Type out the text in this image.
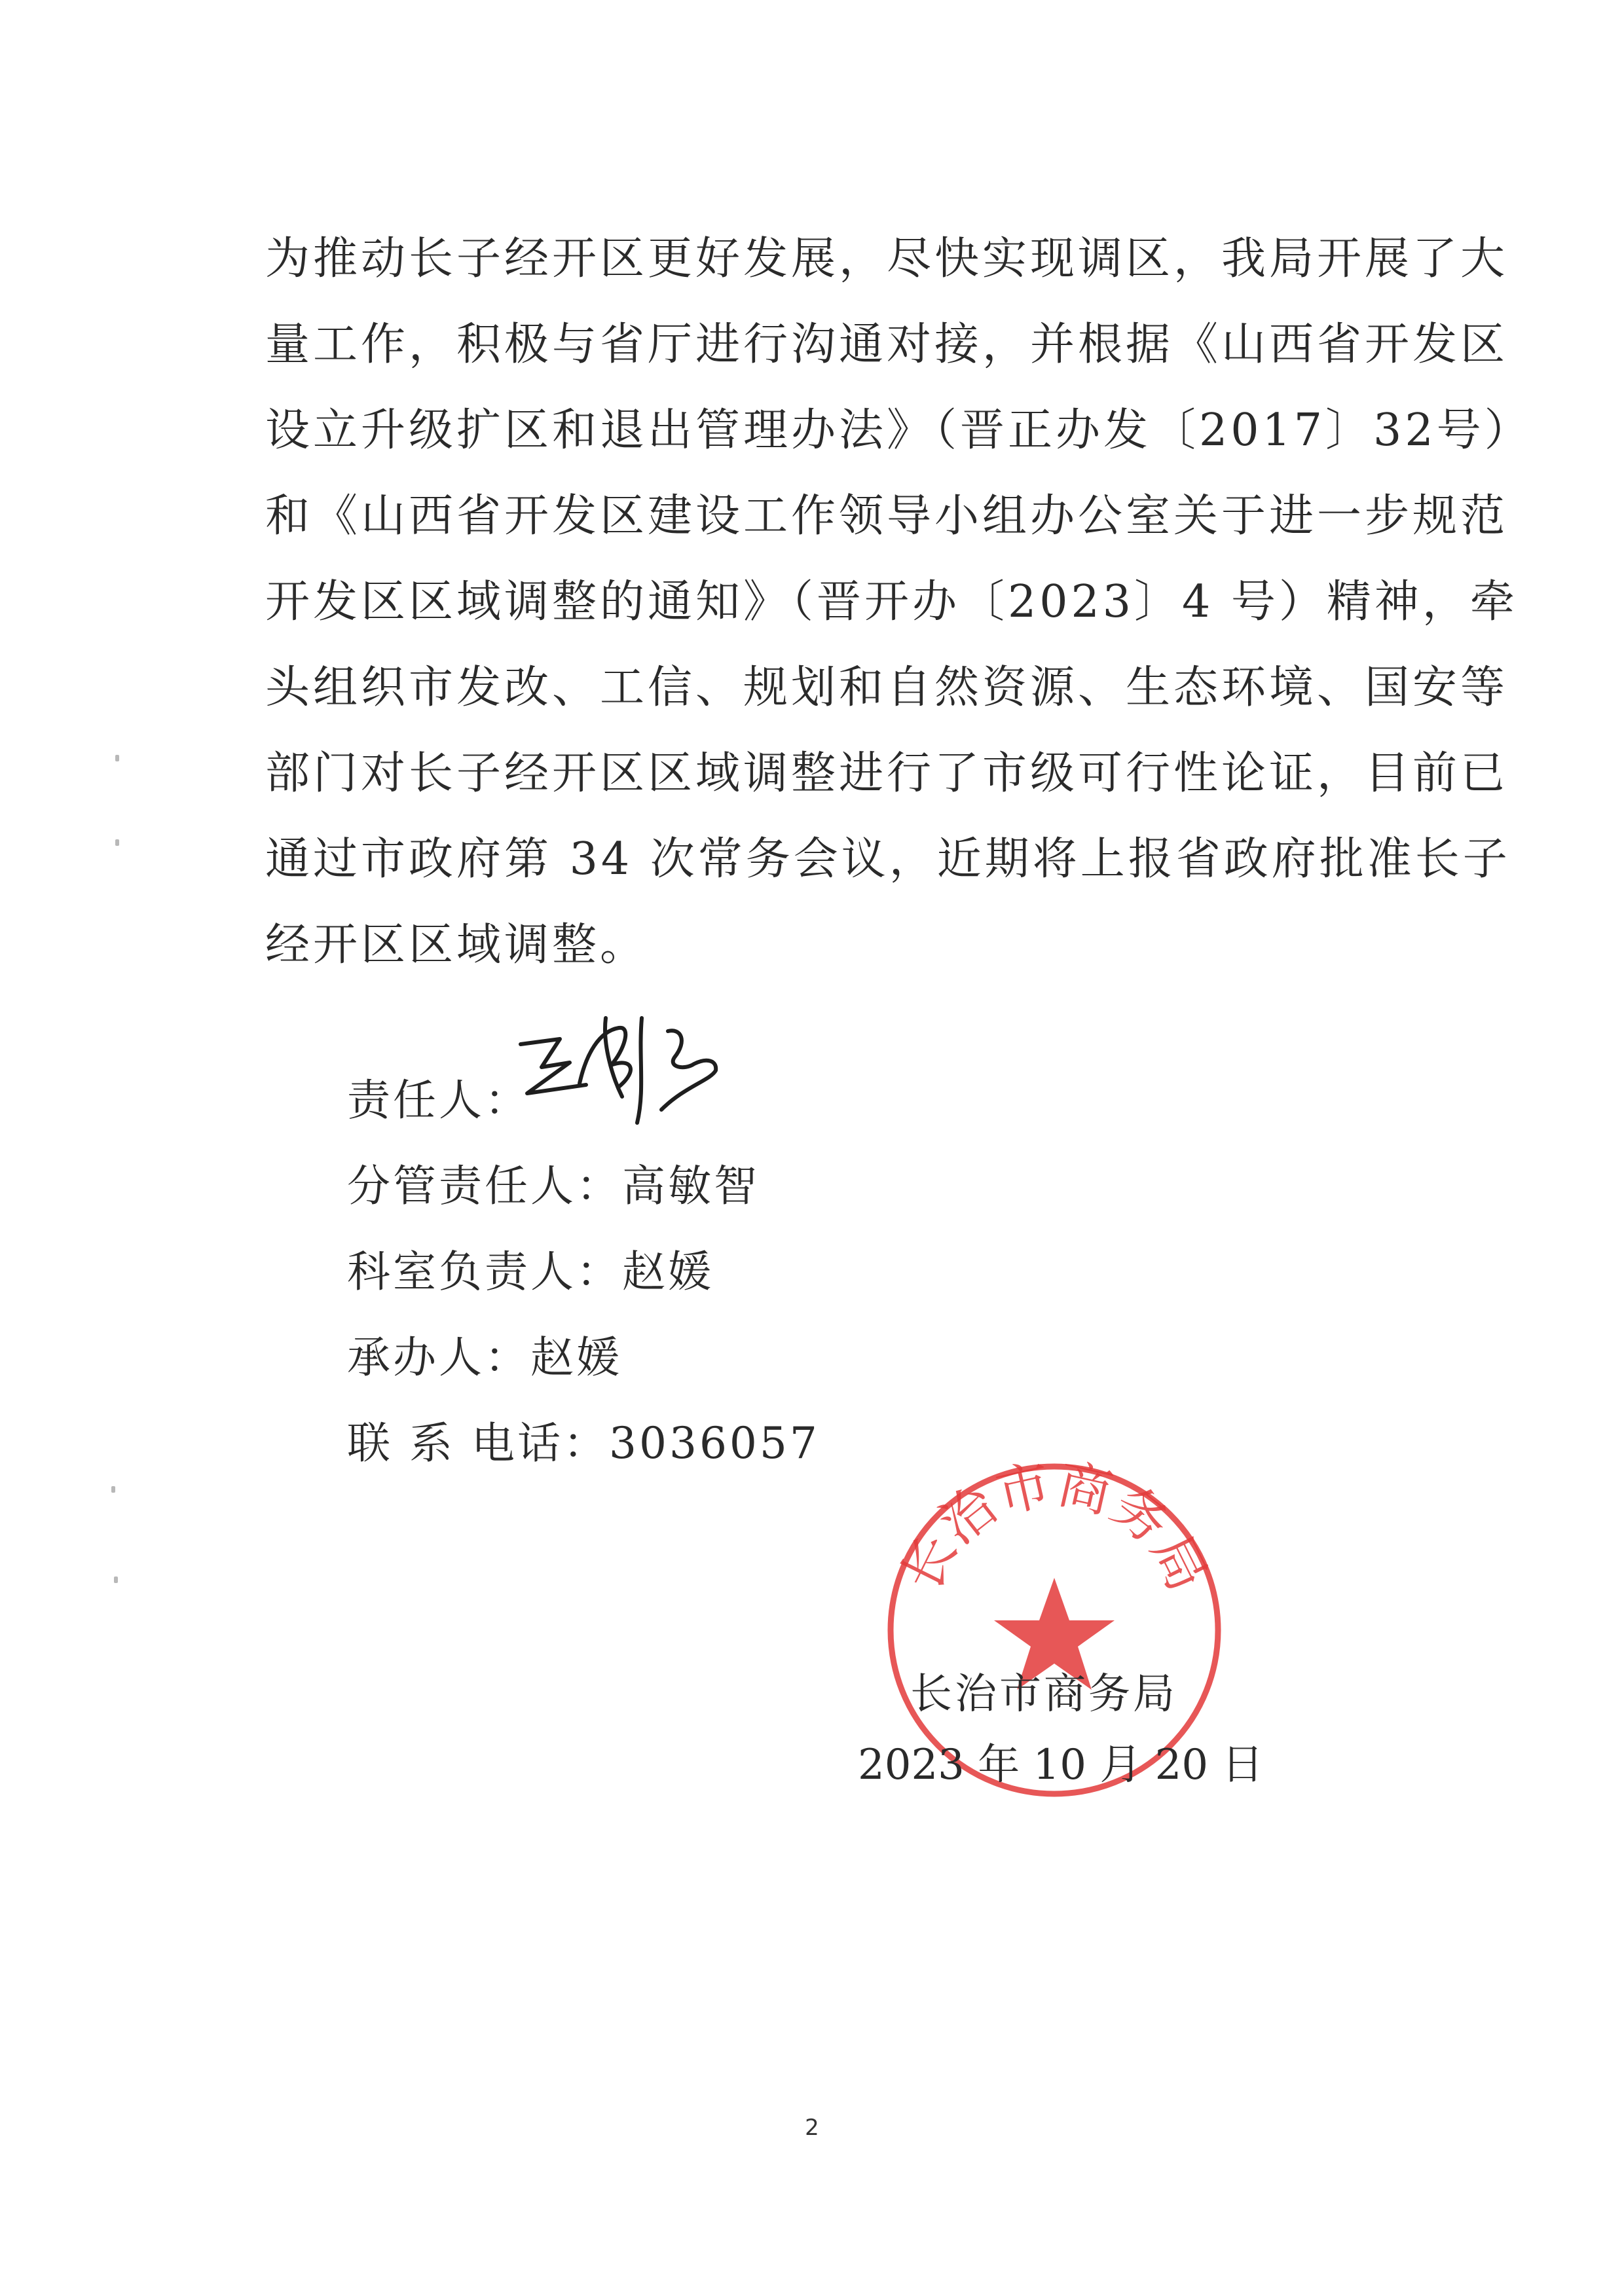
为推动长子经开区更好发展，尽快实现调区，我局开展了大
量工作，积极与省厅进行沟通对接，并根据《山西省开发区
设立升级扩区和退出管理办法》（晋正办发〔2017〕32号）
和《山西省开发区建设工作领导小组办公室关于进一步规范
开发区区域调整的通知》（晋开办〔2023〕4 号）精神，牵
头组织市发改、工信、规划和自然资源、生态环境、国安等
部门对长子经开区区域调整进行了市级可行性论证，目前已
通过市政府第 34 次常务会议，近期将上报省政府批准长子
经开区区域调整。
责任人：
分管责任人：高敏智
科室负责人：赵媛
承办人：赵媛
联 系 电话：3036057
长治市商务局
长治市商务局
2023 年 10 月 20 日
2
